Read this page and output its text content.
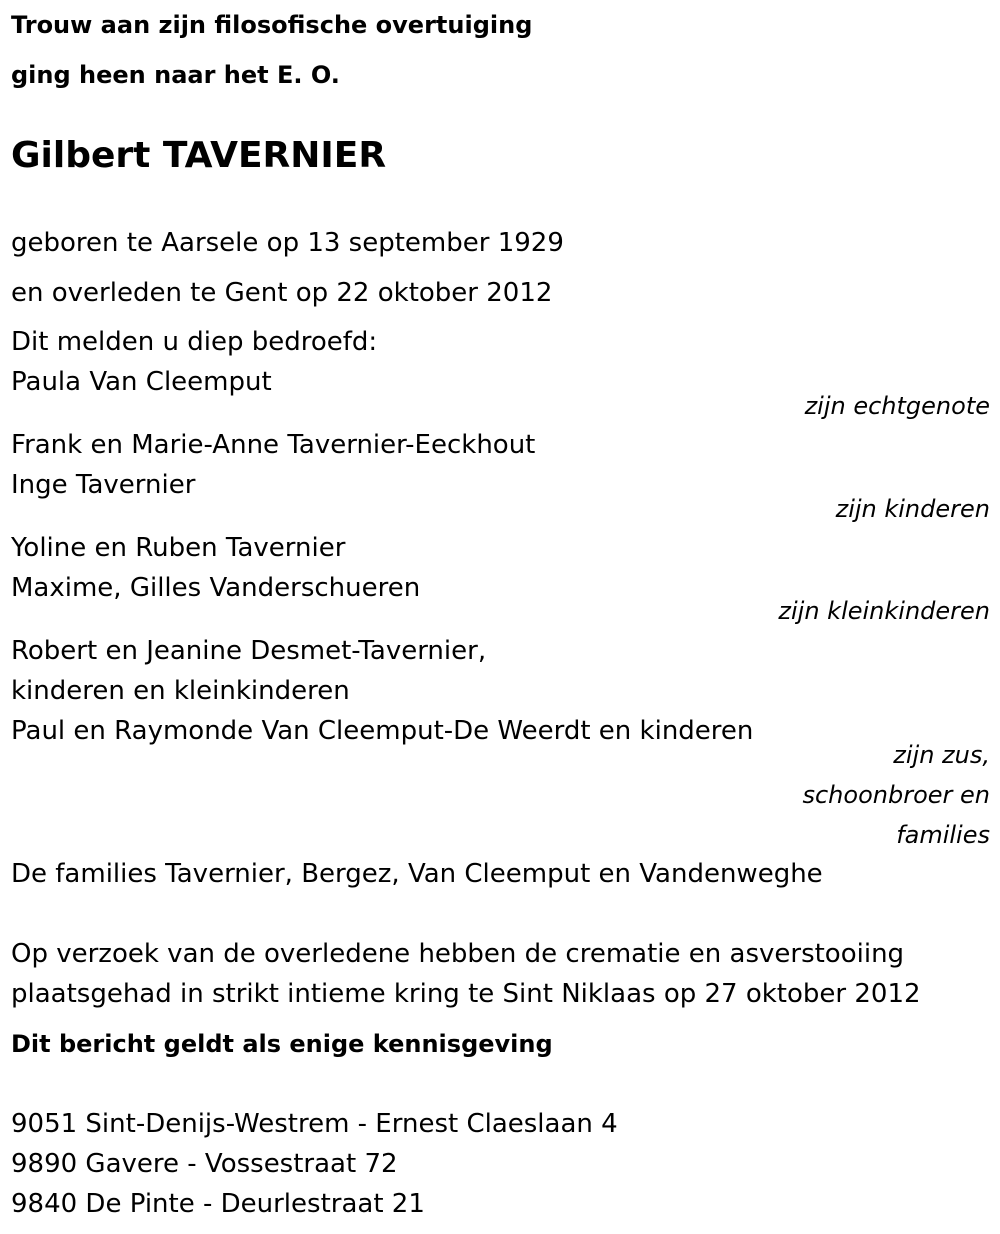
Trouw aan zijn filosofische overtuiging
ging heen naar het E. O.
Gilbert TAVERNIER
geboren te Aarsele op 13 september 1929
en overleden te Gent op 22 oktober 2012
Dit melden u diep bedroefd:
Paula Van Cleemput
zijn echtgenote
Frank en Marie-Anne Tavernier-Eeckhout
Inge Tavernier
zijn kinderen
Yoline en Ruben Tavernier
Maxime, Gilles Vanderschueren
zijn kleinkinderen
Robert en Jeanine Desmet-Tavernier,
kinderen en kleinkinderen
Paul en Raymonde Van Cleemput-De Weerdt en kinderen
zijn zus,
schoonbroer en
families
De families Tavernier, Bergez, Van Cleemput en Vandenweghe
Op verzoek van de overledene hebben de crematie en asverstooiing
plaatsgehad in strikt intieme kring te Sint Niklaas op 27 oktober 2012
Dit bericht geldt als enige kennisgeving
9051 Sint-Denijs-Westrem - Ernest Claeslaan 4
9890 Gavere - Vossestraat 72
9840 De Pinte - Deurlestraat 21
